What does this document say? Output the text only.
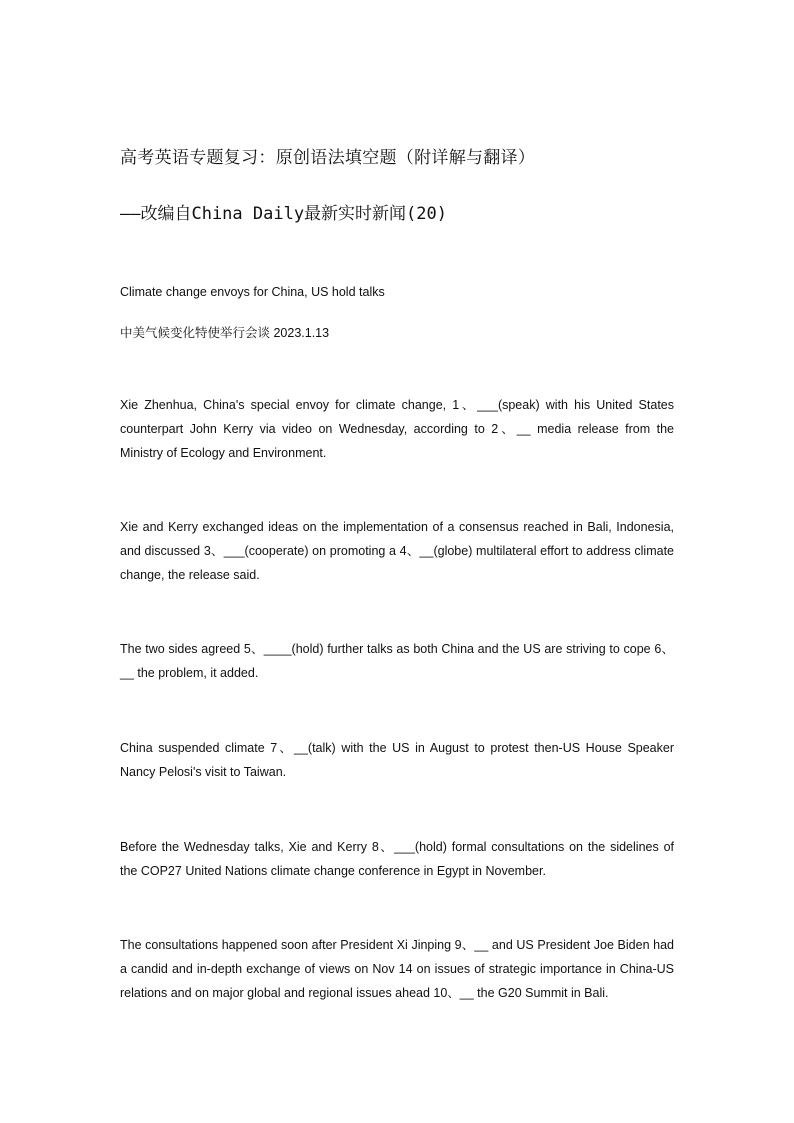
高考英语专题复习：原创语法填空题（附详解与翻译）
——改编自China Daily最新实时新闻(20)
Climate change envoys for China, US hold talks
中美气候变化特使举行会谈 2023.1.13
Xie Zhenhua, China's special envoy for climate change, 1、___(speak) with his United States counterpart John Kerry via video on Wednesday, according to 2、__ media release from the Ministry of Ecology and Environment.
Xie and Kerry exchanged ideas on the implementation of a consensus reached in Bali, Indonesia, and discussed 3、___(cooperate) on promoting a 4、__(globe) multilateral effort to address climate change, the release said.
The two sides agreed 5、____(hold) further talks as both China and the US are striving to cope 6、__ the problem, it added.
China suspended climate 7、__(talk) with the US in August to protest then-US House Speaker Nancy Pelosi's visit to Taiwan.
Before the Wednesday talks, Xie and Kerry 8、___(hold) formal consultations on the sidelines of the COP27 United Nations climate change conference in Egypt in November.
The consultations happened soon after President Xi Jinping 9、__ and US President Joe Biden had a candid and in-depth exchange of views on Nov 14 on issues of strategic importance in China-US relations and on major global and regional issues ahead 10、__ the G20 Summit in Bali.
